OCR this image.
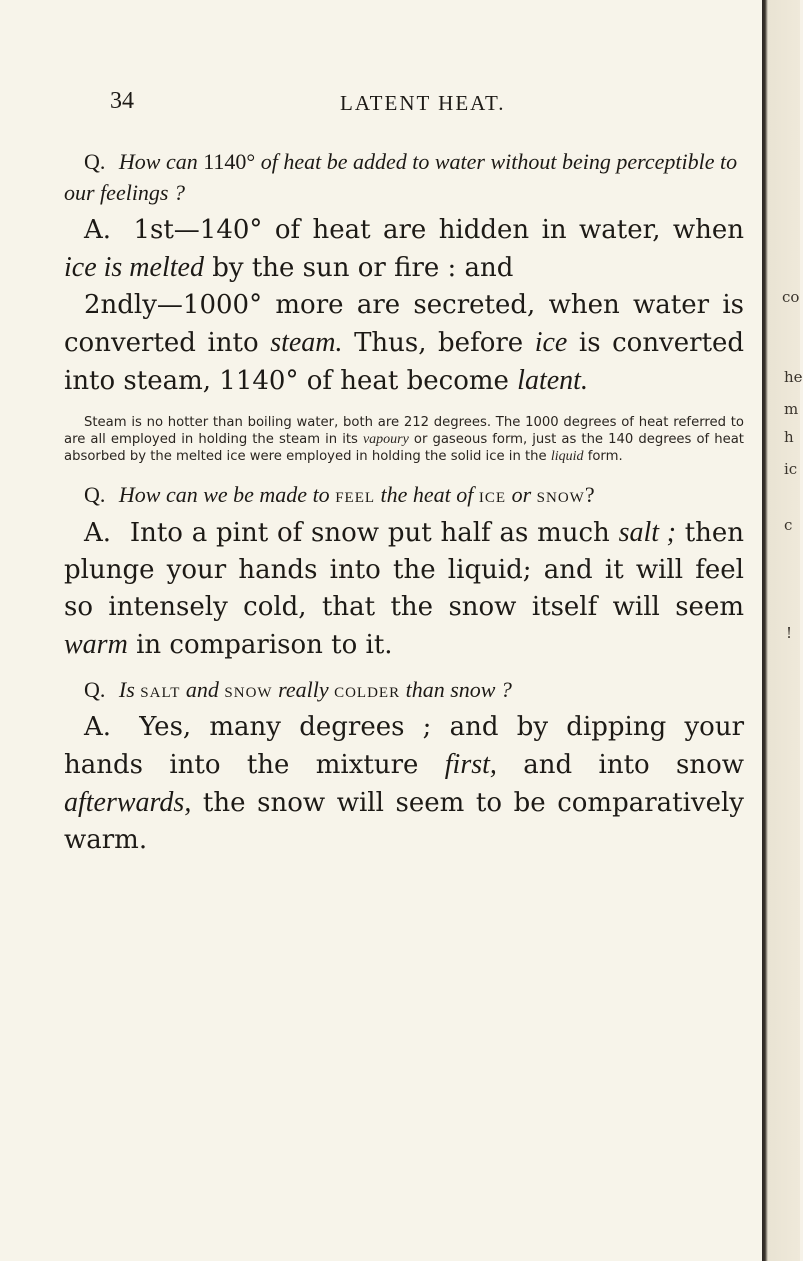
34	LATENT HEAT.

Q. How can 1140° of heat be added to water without being perceptible to our feelings ?

A. 1st—140° of heat are hidden in water, when ice is melted by the sun or fire : and

2ndly—1000° more are secreted, when water is converted into steam. Thus, before ice is converted into steam, 1140° of heat become latent.

Steam is no hotter than boiling water, both are 212 degrees. The 1000 degrees of heat referred to are all employed in holding the steam in its vapoury or gaseous form, just as the 140 degrees of heat absorbed by the melted ice were employed in holding the solid ice in the liquid form.

Q. How can we be made to feel the heat of ice or snow?

A. Into a pint of snow put half as much salt ; then plunge your hands into the liquid; and it will feel so intensely cold, that the snow itself will seem warm in comparison to it.

Q. Is salt and snow really colder than snow ?

A. Yes, many degrees ; and by dipping your hands into the mixture first, and into snow afterwards, the snow will seem to be comparatively warm.

co
he
m
h
ic
c
!
